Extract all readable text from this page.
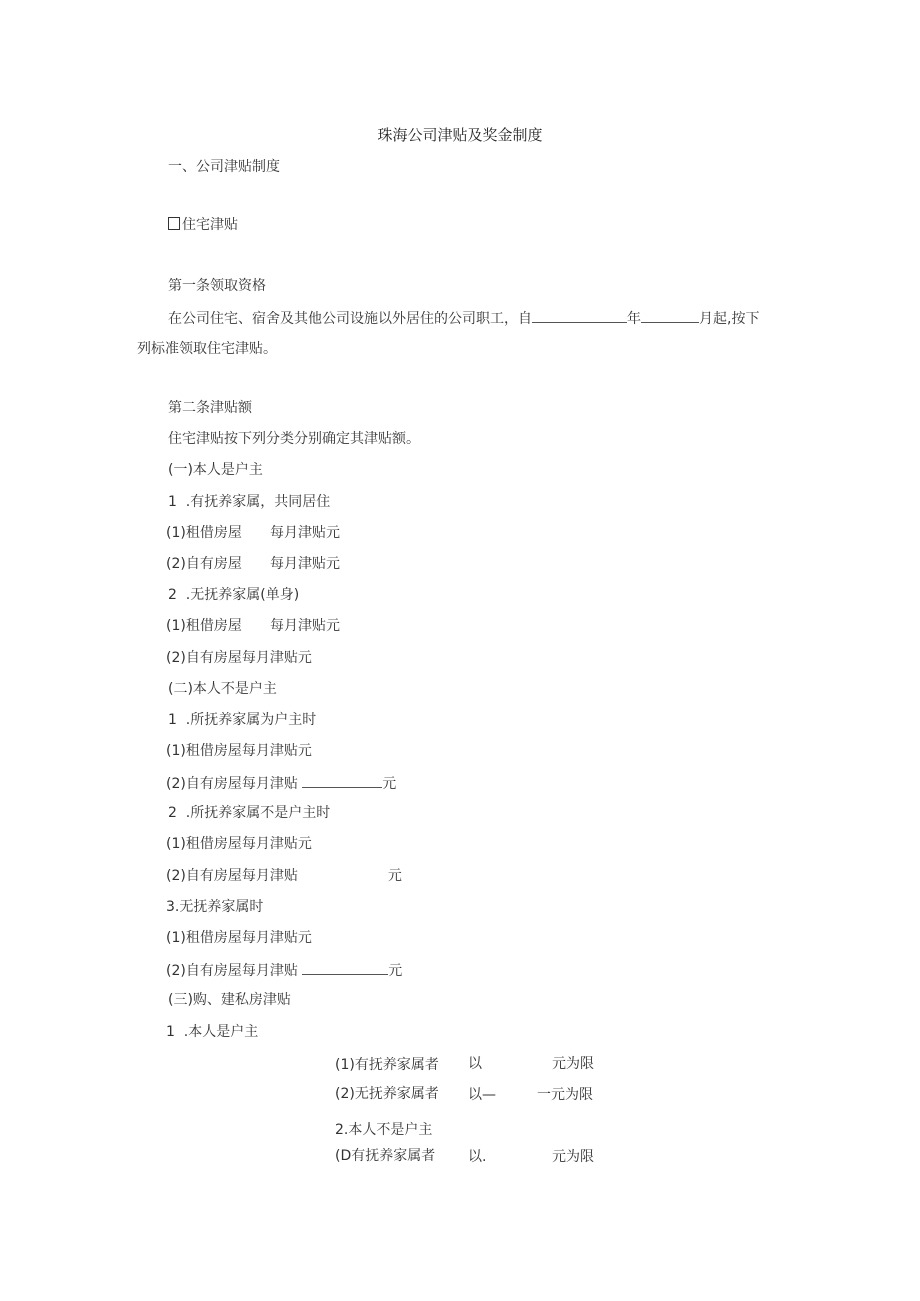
珠海公司津贴及奖金制度
一、公司津贴制度
住宅津贴
第一条领取资格
在公司住宅、宿舍及其他公司设施以外居住的公司职工，自	年	月起,按下
列标准领取住宅津贴。
第二条津贴额
住宅津贴按下列分类分别确定其津贴额。
(一)本人是户主
1  .有抚养家属，共同居住
(1)租借房屋 每月津贴元
(2)自有房屋 每月津贴元
2  .无抚养家属(单身)
(1)租借房屋 每月津贴元
(2)自有房屋每月津贴元
(二)本人不是户主
1  .所抚养家属为户主时
(1)租借房屋每月津贴元
(2)自有房屋每月津贴	元
2  .所抚养家属不是户主时
(1)租借房屋每月津贴元
(2)自有房屋每月津贴	元
3.无抚养家属时
(1)租借房屋每月津贴元
(2)自有房屋每月津贴	元
(三)购、建私房津贴
1  .本人是户主
(1)有抚养家属者 以	元为限
(2)无抚养家属者 以—	一元为限
2.本人不是户主
(D有抚养家属者 以.	元为限
